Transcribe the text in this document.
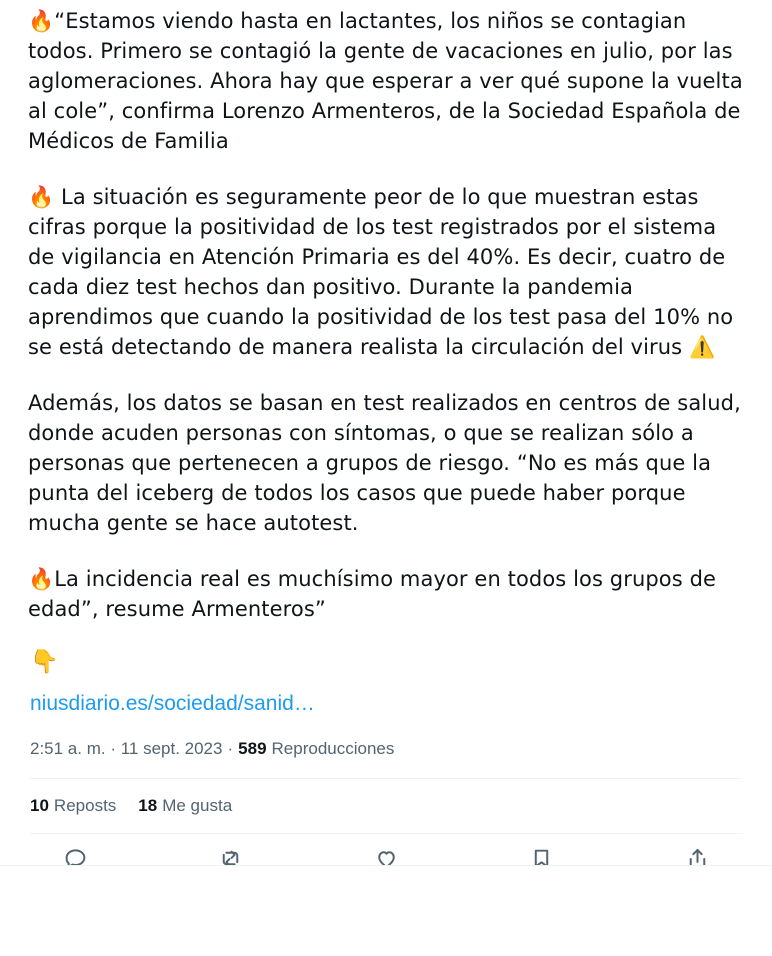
🔥“Estamos viendo hasta en lactantes, los niños se contagian todos. Primero se contagió la gente de vacaciones en julio, por las aglomeraciones. Ahora hay que esperar a ver qué supone la vuelta al cole”, confirma Lorenzo Armenteros, de la Sociedad Española de Médicos de Familia

🔥 La situación es seguramente peor de lo que muestran estas cifras porque la positividad de los test registrados por el sistema de vigilancia en Atención Primaria es del 40%. Es decir, cuatro de cada diez test hechos dan positivo. Durante la pandemia aprendimos que cuando la positividad de los test pasa del 10% no se está detectando de manera realista la circulación del virus ⚠️

Además, los datos se basan en test realizados en centros de salud, donde acuden personas con síntomas, o que se realizan sólo a personas que pertenecen a grupos de riesgo. “No es más que la punta del iceberg de todos los casos que puede haber porque mucha gente se hace autotest.

🔥La incidencia real es muchísimo mayor en todos los grupos de edad”, resume Armenteros”

👇
niusdiario.es/sociedad/sanid…
2:51 a. m. · 11 sept. 2023 · 589 Reproducciones
10 Reposts 18 Me gusta
